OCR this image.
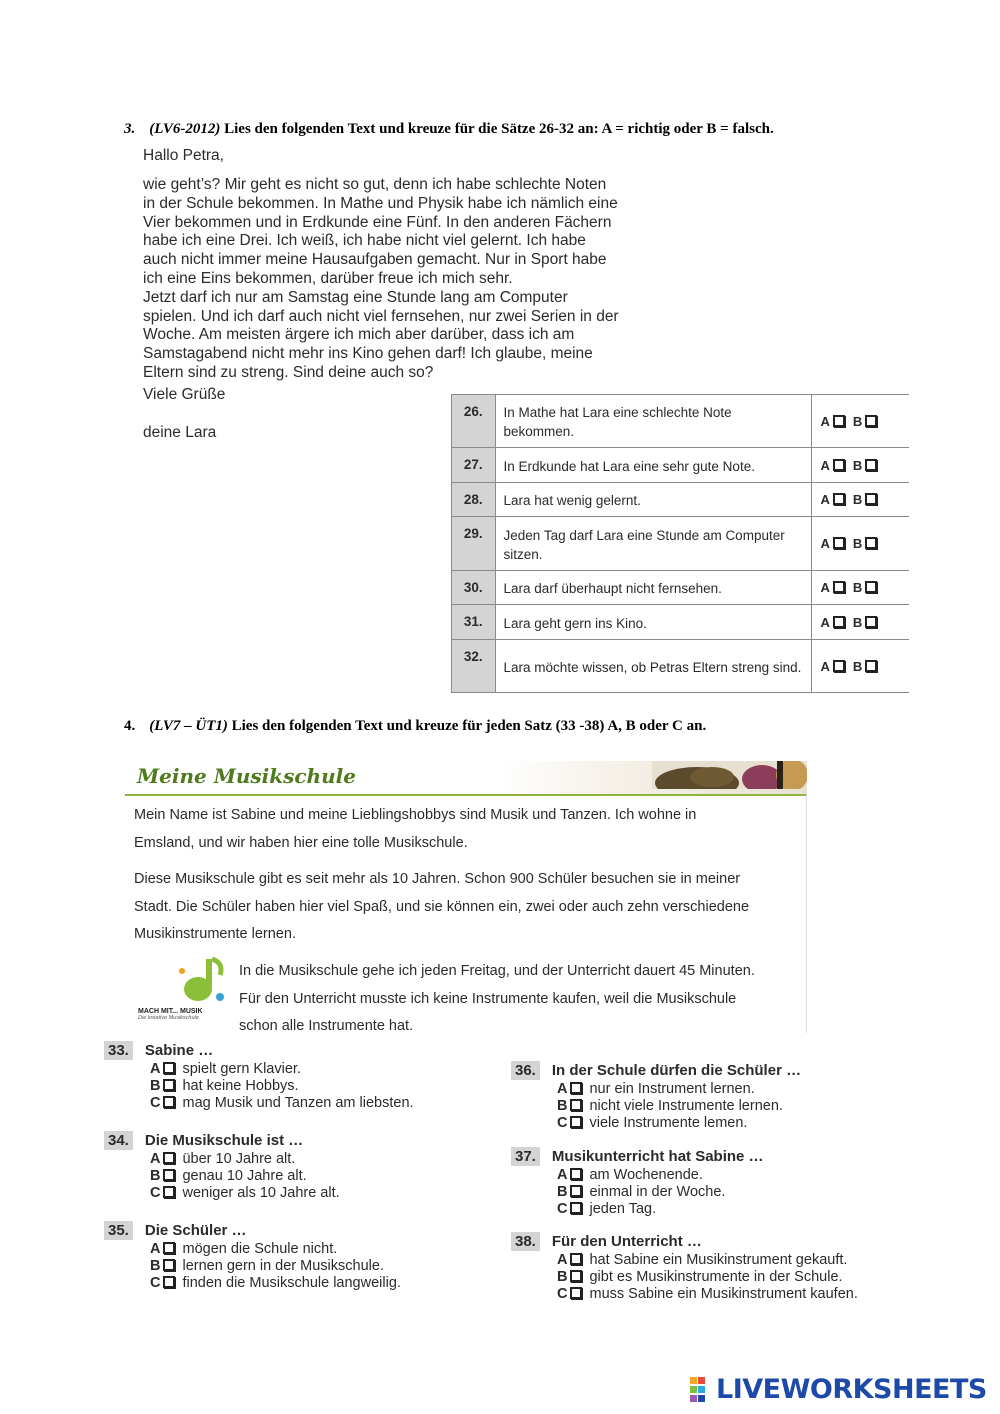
3. (LV6-2012) Lies den folgenden Text und kreuze für die Sätze 26-32 an: A = richtig oder B = falsch.
Hallo Petra,

wie geht’s? Mir geht es nicht so gut, denn ich habe schlechte Noten

in der Schule bekommen. In Mathe und Physik habe ich nämlich eine

Vier bekommen und in Erdkunde eine Fünf. In den anderen Fächern

habe ich eine Drei. Ich weiß, ich habe nicht viel gelernt. Ich habe

auch nicht immer meine Hausaufgaben gemacht. Nur in Sport habe

ich eine Eins bekommen, darüber freue ich mich sehr.

Jetzt darf ich nur am Samstag eine Stunde lang am Computer

spielen. Und ich darf auch nicht viel fernsehen, nur zwei Serien in der

Woche. Am meisten ärgere ich mich aber darüber, dass ich am

Samstagabend nicht mehr ins Kino gehen darf! Ich glaube, meine

Eltern sind zu streng. Sind deine auch so?

Viele Grüße
deine Lara
26.	In Mathe hat Lara eine schlechte Note bekommen.	A B
27.	In Erdkunde hat Lara eine sehr gute Note.	A B
28.	Lara hat wenig gelernt.	A B
29.	Jeden Tag darf Lara eine Stunde am Computer sitzen.	A B
30.	Lara darf überhaupt nicht fernsehen.	A B
31.	Lara geht gern ins Kino.	A B
32.	Lara möchte wissen, ob Petras Eltern streng sind.	A B
4. (LV7 – ÜT1) Lies den folgenden Text und kreuze für jeden Satz (33 -38) A, B oder C an.
Meine Musikschule
Mein Name ist Sabine und meine Lieblingshobbys sind Musik und Tanzen. Ich wohne in
Emsland, und wir haben hier eine tolle Musikschule.
Diese Musikschule gibt es seit mehr als 10 Jahren. Schon 900 Schüler besuchen sie in meiner
Stadt. Die Schüler haben hier viel Spaß, und sie können ein, zwei oder auch zehn verschiedene
Musikinstrumente lernen.
In die Musikschule gehe ich jeden Freitag, und der Unterricht dauert 45 Minuten.
Für den Unterricht musste ich keine Instrumente kaufen, weil die Musikschule
schon alle Instrumente hat.
MACH MIT... MUSIK
Die kreative Musikschule
33. Sabine …
A spielt gern Klavier.
B hat keine Hobbys.
C mag Musik und Tanzen am liebsten.
34. Die Musikschule ist …
A über 10 Jahre alt.
B genau 10 Jahre alt.
C weniger als 10 Jahre alt.
35. Die Schüler …
A mögen die Schule nicht.
B lernen gern in der Musikschule.
C finden die Musikschule langweilig.
36. In der Schule dürfen die Schüler …
A nur ein Instrument lernen.
B nicht viele Instrumente lernen.
C viele Instrumente lemen.
37. Musikunterricht hat Sabine …
A am Wochenende.
B einmal in der Woche.
C jeden Tag.
38. Für den Unterricht …
A hat Sabine ein Musikinstrument gekauft.
B gibt es Musikinstrumente in der Schule.
C muss Sabine ein Musikinstrument kaufen.
LIVEWORKSHEETS
